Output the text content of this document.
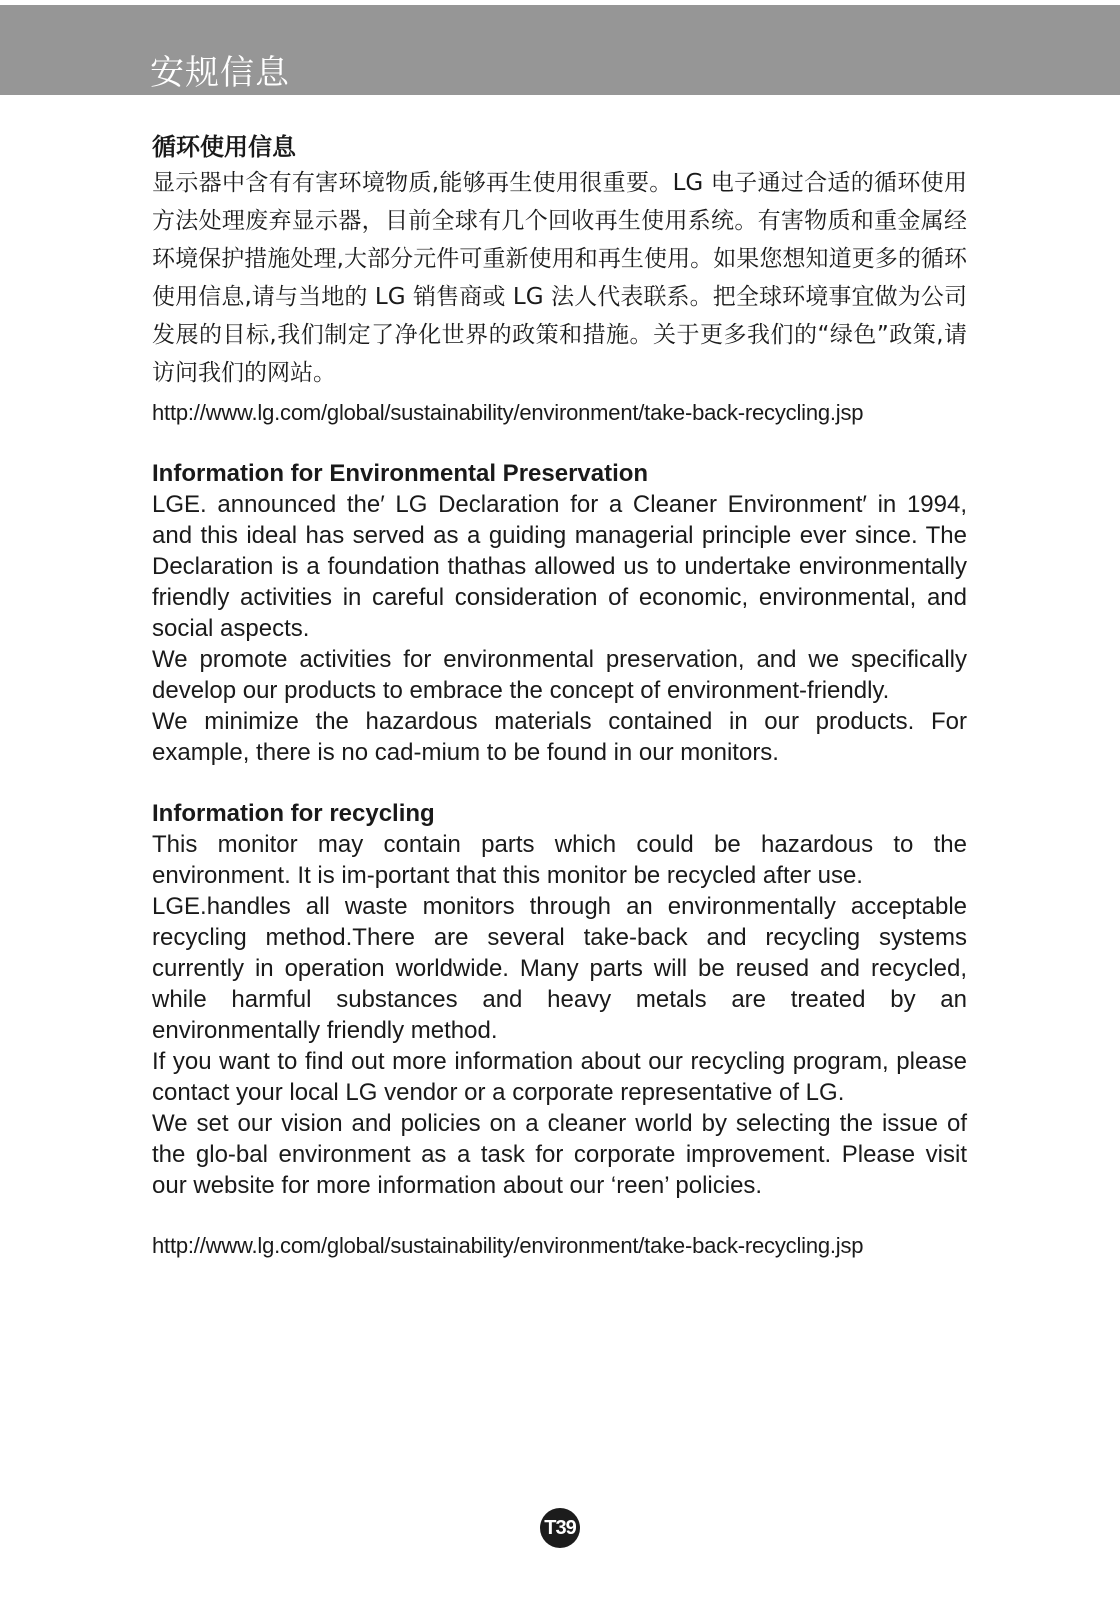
安规信息
循环使用信息

显示器中含有有害环境物质,能够再生使用很重要。LG 电子通过合适的循环使用方法处理废弃显示器，目前全球有几个回收再生使用系统。有害物质和重金属经环境保护措施处理,大部分元件可重新使用和再生使用。如果您想知道更多的循环使用信息,请与当地的 LG 销售商或 LG 法人代表联系。把全球环境事宜做为公司发展的目标,我们制定了净化世界的政策和措施。关于更多我们的“绿色”政策,请访问我们的网站。

http://www.lg.com/global/sustainability/environment/take-back-recycling.jsp

Information for Environmental Preservation

LGE. announced the′ LG Declaration for a Cleaner Environment′ in 1994, and this ideal has served as a guiding managerial principle ever since. The Declaration is a foundation thathas allowed us to undertake environmentally friendly activities in careful consideration of economic, environmental, and social aspects.

We promote activities for environmental preservation, and we specifically develop our products to embrace the concept of environment-friendly.

We minimize the hazardous materials contained in our products. For example, there is no cad-mium to be found in our monitors.

Information for recycling

This monitor may contain parts which could be hazardous to the environment. It is im-portant that this monitor be recycled after use.

LGE.handles all waste monitors through an environmentally acceptable recycling method.There are several take-back and recycling systems currently in operation worldwide. Many parts will be reused and recycled, while harmful substances and heavy metals are treated by an environmentally friendly method.

If you want to find out more information about our recycling program, please contact your local LG vendor or a corporate representative of LG.

We set our vision and policies on a cleaner world by selecting the issue of the glo-bal environment as a task for corporate improvement. Please visit our website for more information about our ‘reen’ policies.

http://www.lg.com/global/sustainability/environment/take-back-recycling.jsp

T39
